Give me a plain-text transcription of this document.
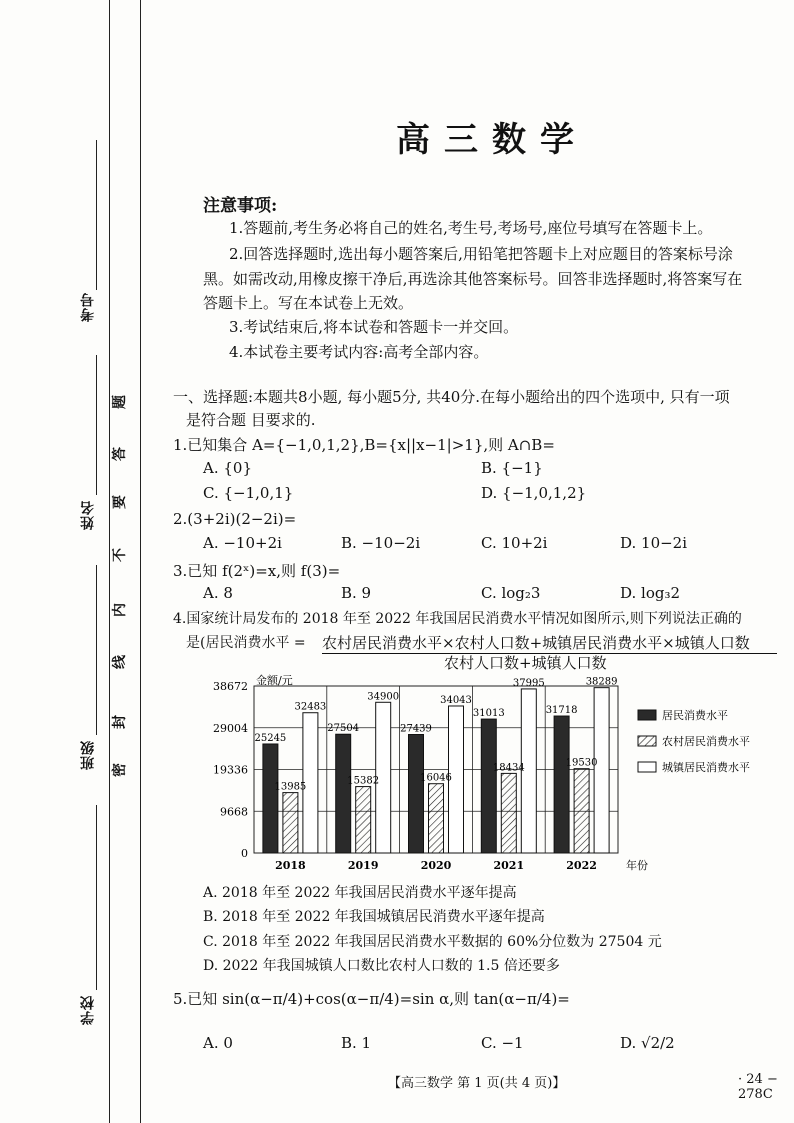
考号
姓名
班级
学校
密
封
线
内
不
要
答
题
高三数学
注意事项:
1.答题前,考生务必将自己的姓名,考生号,考场号,座位号填写在答题卡上。
2.回答选择题时,选出每小题答案后,用铅笔把答题卡上对应题目的答案标号涂
黑。如需改动,用橡皮擦干净后,再选涂其他答案标号。回答非选择题时,将答案写在
答题卡上。写在本试卷上无效。
3.考试结束后,将本试卷和答题卡一并交回。
4.本试卷主要考试内容:高考全部内容。
一、选择题:本题共8小题, 每小题5分, 共40分.在每小题给出的四个选项中, 只有一项
是符合题 目要求的.
1.已知集合 A={−1,0,1,2},B={x||x−1|>1},则 A∩B=
A. {0}	B. {−1}
C. {−1,0,1}	D. {−1,0,1,2}
2.(3+2i)(2−2i)=
A. −10+2i	B. −10−2i	C. 10+2i	D. 10−2i
3.已知 f(2ˣ)=x,则 f(3)=
A. 8	B. 9	C. log₂3	D. log₃2
4.国家统计局发布的 2018 年至 2022 年我国居民消费水平情况如图所示,则下列说法正确的
是(居民消费水平 = 农村居民消费水平×农村人口数+城镇居民消费水平×城镇人口数
农村人口数+城镇人口数
25245
13985
32483
27504
15382
34900
27439
16046
34043
31013
18434
37995
31718
19530
38289
0
9668
19336
29004
38672 金额/元
年份
2018	2019	2020	2021	2022
居民消费水平
农村居民消费水平
城镇居民消费水平
A. 2018 年至 2022 年我国居民消费水平逐年提高
B. 2018 年至 2022 年我国城镇居民消费水平逐年提高
C. 2018 年至 2022 年我国居民消费水平数据的 60%分位数为 27504 元
D. 2022 年我国城镇人口数比农村人口数的 1.5 倍还要多
5.已知 sin(α−π/4)+cos(α−π/4)=sin α,则 tan(α−π/4)=
A. 0	B. 1	C. −1	D. √2/2
【高三数学 第 1 页(共 4 页)】	· 24 − 278C
